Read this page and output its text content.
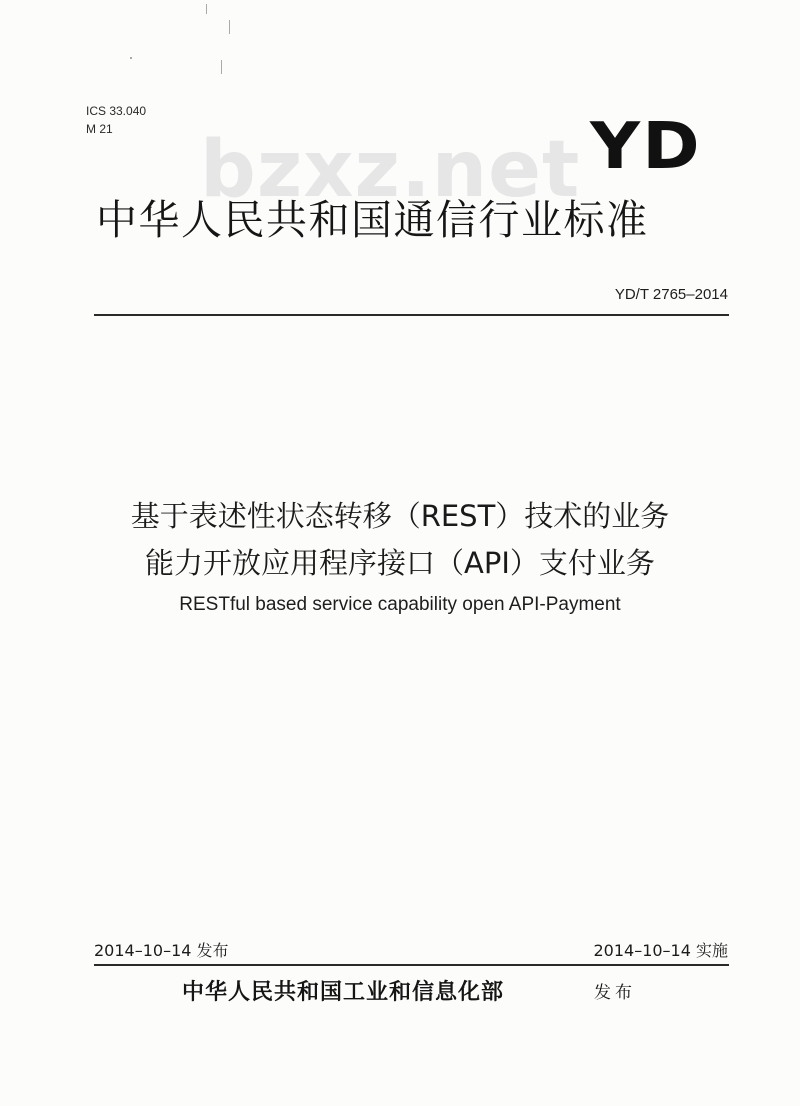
ICS 33.040
M 21	bzxz.net YD
中华人民共和国通信行业标准
YD/T 2765–2014
基于表述性状态转移（REST）技术的业务
能力开放应用程序接口（API）支付业务
RESTful based service capability open API-Payment
2014–10–14 发布	2014–10–14 实施
中华人民共和国工业和信息化部	发布
